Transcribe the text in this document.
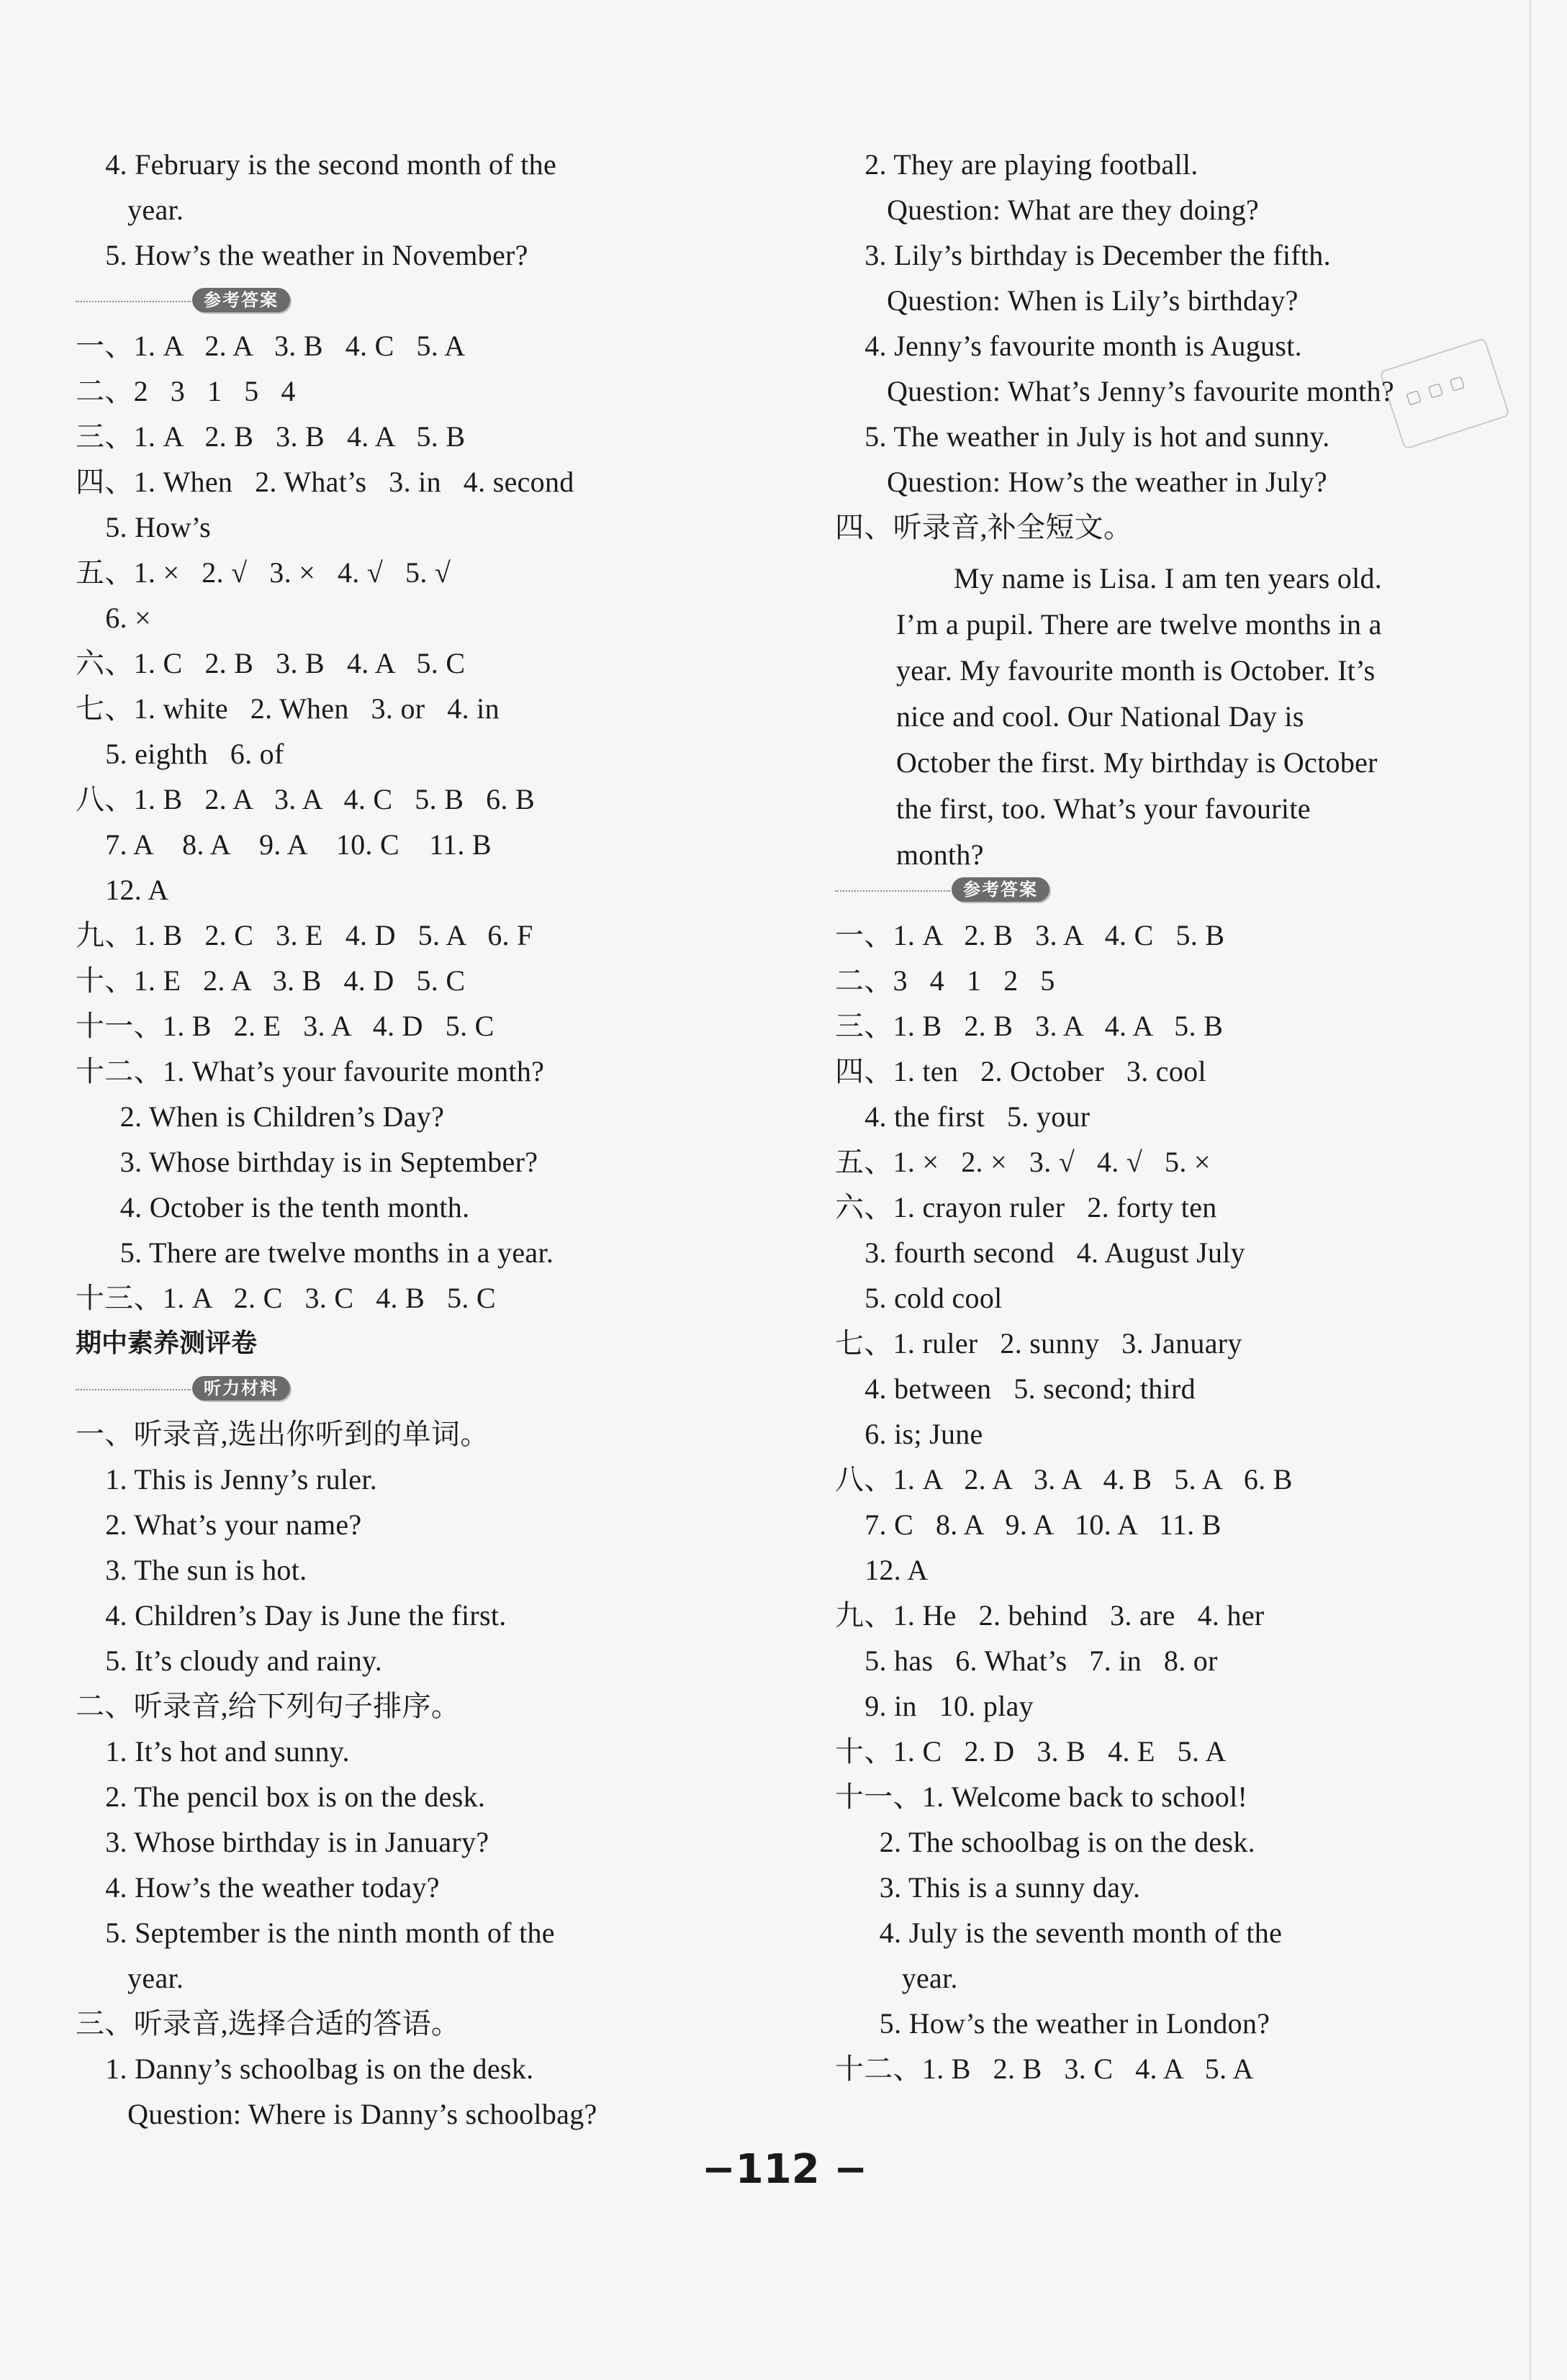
4. February is the second month of the
year.
5. How’s the weather in November?
参考答案
一、1. A   2. A   3. B   4. C   5. A
二、2   3   1   5   4
三、1. A   2. B   3. B   4. A   5. B
四、1. When   2. What’s   3. in   4. second
5. How’s
五、1. ×   2. √   3. ×   4. √   5. √
6. ×
六、1. C   2. B   3. B   4. A   5. C
七、1. white   2. When   3. or   4. in
5. eighth   6. of
八、1. B   2. A   3. A   4. C   5. B   6. B
7. A    8. A    9. A    10. C    11. B
12. A
九、1. B   2. C   3. E   4. D   5. A   6. F
十、1. E   2. A   3. B   4. D   5. C
十一、1. B   2. E   3. A   4. D   5. C
十二、1. What’s your favourite month?
2. When is Children’s Day?
3. Whose birthday is in September?
4. October is the tenth month.
5. There are twelve months in a year.
十三、1. A   2. C   3. C   4. B   5. C
期中素养测评卷
听力材料
一、听录音,选出你听到的单词。
1. This is Jenny’s ruler.
2. What’s your name?
3. The sun is hot.
4. Children’s Day is June the first.
5. It’s cloudy and rainy.
二、听录音,给下列句子排序。
1. It’s hot and sunny.
2. The pencil box is on the desk.
3. Whose birthday is in January?
4. How’s the weather today?
5. September is the ninth month of the
year.
三、听录音,选择合适的答语。
1. Danny’s schoolbag is on the desk.
Question: Where is Danny’s schoolbag?
2. They are playing football.
Question: What are they doing?
3. Lily’s birthday is December the fifth.
Question: When is Lily’s birthday?
4. Jenny’s favourite month is August.
Question: What’s Jenny’s favourite month?
5. The weather in July is hot and sunny.
Question: How’s the weather in July?
四、听录音,补全短文。
My name is Lisa. I am ten years old.
I’m a pupil. There are twelve months in a
year. My favourite month is October. It’s
nice and cool. Our National Day is
October the first. My birthday is October
the first, too. What’s your favourite
month?
参考答案
一、1. A   2. B   3. A   4. C   5. B
二、3   4   1   2   5
三、1. B   2. B   3. A   4. A   5. B
四、1. ten   2. October   3. cool
4. the first   5. your
五、1. ×   2. ×   3. √   4. √   5. ×
六、1. crayon ruler   2. forty ten
3. fourth second   4. August July
5. cold cool
七、1. ruler   2. sunny   3. January
4. between   5. second; third
6. is; June
八、1. A   2. A   3. A   4. B   5. A   6. B
7. C   8. A   9. A   10. A   11. B
12. A
九、1. He   2. behind   3. are   4. her
5. has   6. What’s   7. in   8. or
9. in   10. play
十、1. C   2. D   3. B   4. E   5. A
十一、1. Welcome back to school!
2. The schoolbag is on the desk.
3. This is a sunny day.
4. July is the seventh month of the
year.
5. How’s the weather in London?
十二、1. B   2. B   3. C   4. A   5. A
▢ ▢ ▢
−112 −
